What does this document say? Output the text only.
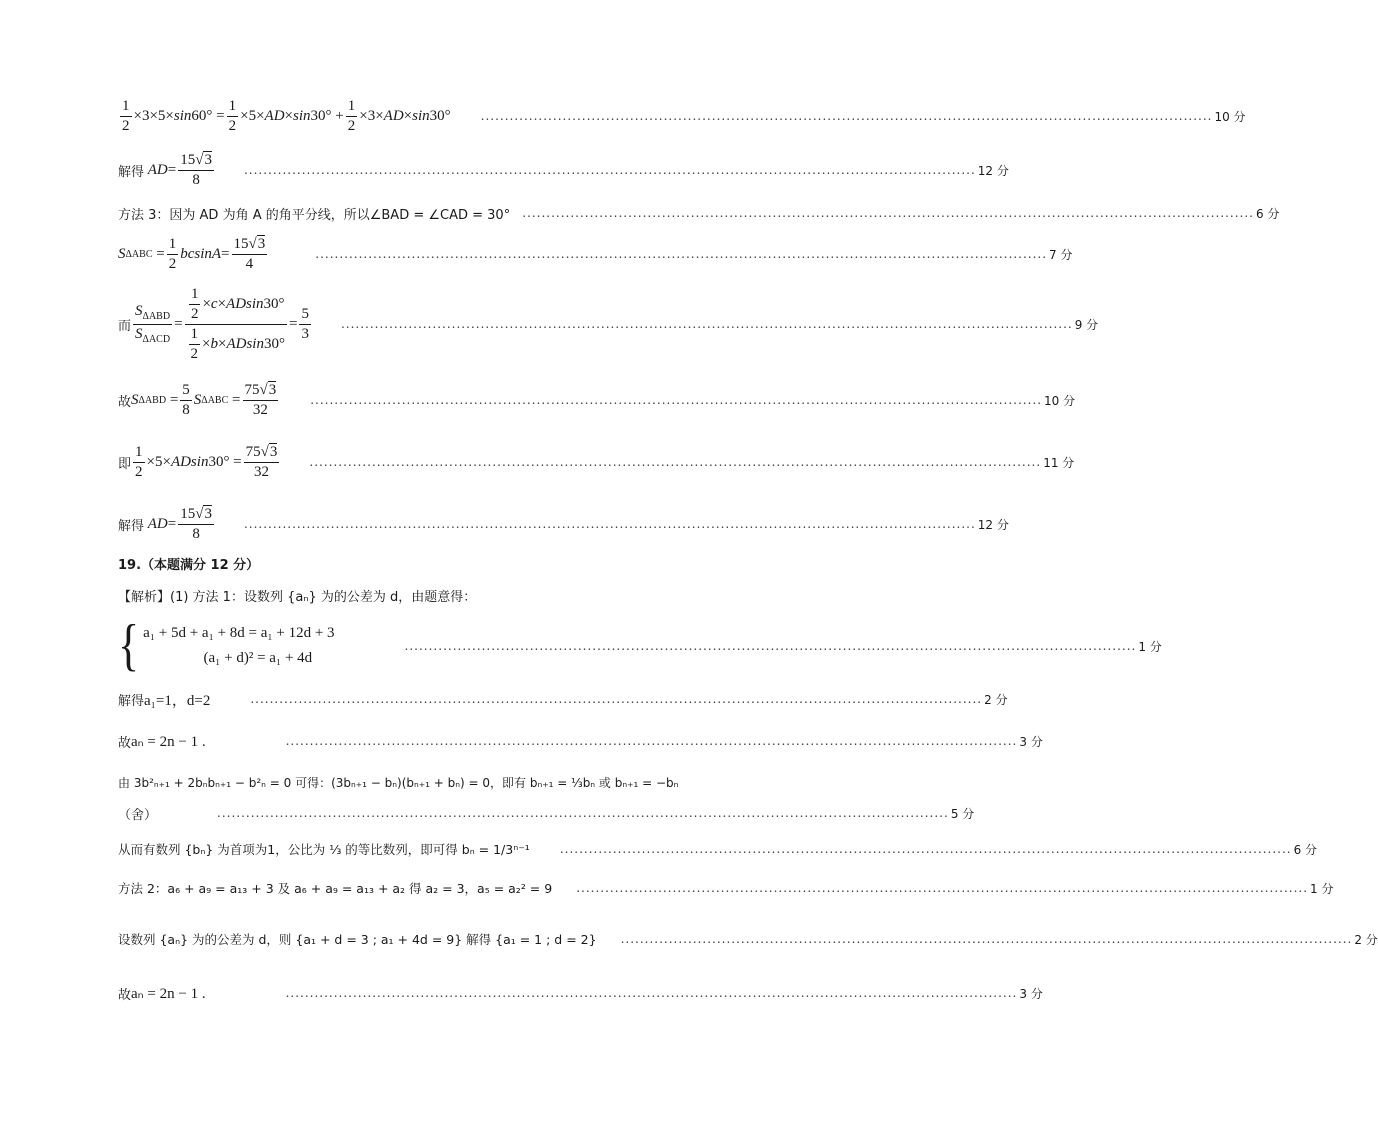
$\frac{1}{2} \times 3\times 5\times \sin 60^\circ = \frac{1}{2} \times 5\times$ AD × $\sin 30^\circ + \frac{1}{2} \times 3\times$ AD × sin 30°	........................................................................................................................................................ 10 分
解得
AD = $\frac{15√3}{8}$	........................................................................................................................................................ 12 分
方法 3：因为 AD 为角 A 的角平分线，所以∠BAD = ∠CAD = 30° ........................................................................................................................................................ 6 分
S $\Delta ABC = \frac{1}{2}$ $bcsinA = \frac{15√3}{4}$	........................................................................................................................................................ 7 分
而 $\frac{S_{\Delta ABD}}{S_{\Delta ACD}} = \frac{\frac{1}{2} \times c\times ADsin30^\circ}{\frac{1}{2} \times b\times ADsin30^\circ} = \frac{5}{3}$	........................................................................................................................................................ 9 分
故 S $\Delta ABD = \frac{5}{8}$ S $\Delta ABC = \frac{75√3}{32}$	........................................................................................................................................................ 10 分
即 $\frac{1}{2} \times 5\times ADsin$ $30^\circ = \frac{75√3}{32}$	........................................................................................................................................................ 11 分
解得
AD = $\frac{15√3}{8}$	........................................................................................................................................................ 12 分
19.（本题满分 12 分）
【解析】(1) 方法 1：设数列 {aₙ} 为的公差为 d，由题意得：
{ a₁ + 5d + a₁ + 8d = a₁ + 12d + 3
(a₁ + d)² = a₁ + 4d
........................................................................................................................................................ 1 分
解得 a₁=1，d=2	........................................................................................................................................................ 2 分
故 aₙ = 2n − 1 .	........................................................................................................................................................ 3 分
由 3b²ₙ₊₁ + 2bₙbₙ₊₁ − b²ₙ = 0 可得：(3bₙ₊₁ − bₙ)(bₙ₊₁ + bₙ) = 0，即有 bₙ₊₁ = ⅓bₙ 或 bₙ₊₁ = −bₙ
（舍）	........................................................................................................................................................ 5 分
从而有数列 {bₙ} 为首项为1，公比为 ⅓ 的等比数列，即可得 bₙ = 1/3ⁿ⁻¹	........................................................................................................................................................ 6 分
方法 2：a₆ + a₉ = a₁₃ + 3 及 a₆ + a₉ = a₁₃ + a₂ 得 a₂ = 3，a₅ = a₂² = 9 ........................................................................................................................................................ 1 分
设数列 {aₙ} 为的公差为 d，则 {a₁ + d = 3 ; a₁ + 4d = 9} 解得 {a₁ = 1 ; d = 2} ........................................................................................................................................................ 2 分
故 aₙ = 2n − 1 .	........................................................................................................................................................ 3 分
